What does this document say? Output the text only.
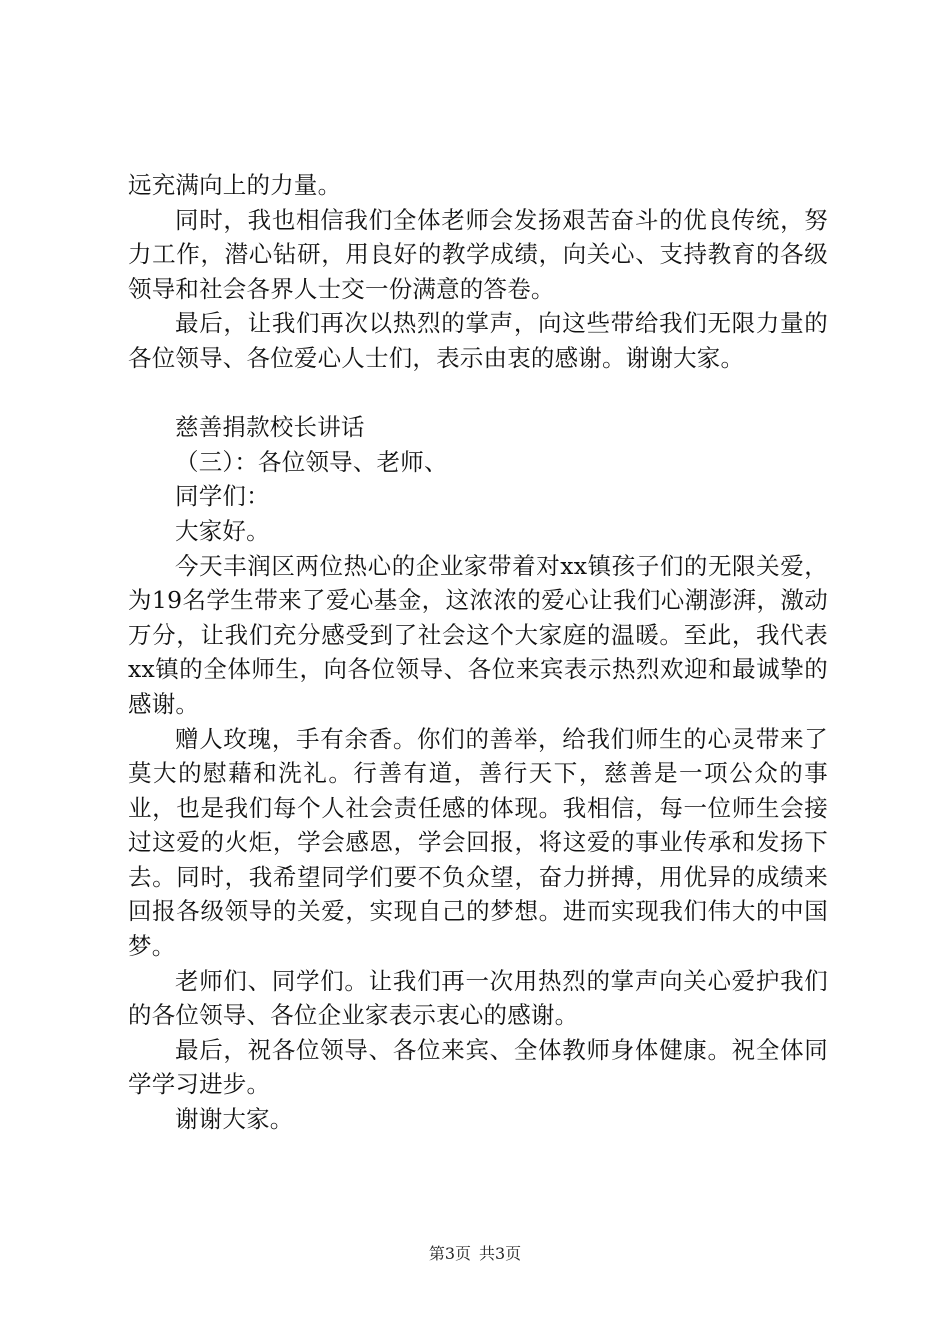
远充满向上的力量。

同时，我也相信我们全体老师会发扬艰苦奋斗的优良传统，努力工作，潜心钻研，用良好的教学成绩，向关心、支持教育的各级领导和社会各界人士交一份满意的答卷。

最后，让我们再次以热烈的掌声，向这些带给我们无限力量的各位领导、各位爱心人士们，表示由衷的感谢。谢谢大家。

慈善捐款校长讲话

（三）：各位领导、老师、

同学们：

大家好。

今天丰润区两位热心的企业家带着对xx镇孩子们的无限关爱，为19名学生带来了爱心基金，这浓浓的爱心让我们心潮澎湃，激动万分，让我们充分感受到了社会这个大家庭的温暖。至此，我代表xx镇的全体师生，向各位领导、各位来宾表示热烈欢迎和最诚挚的感谢。

赠人玫瑰，手有余香。你们的善举，给我们师生的心灵带来了莫大的慰藉和洗礼。行善有道，善行天下，慈善是一项公众的事业，也是我们每个人社会责任感的体现。我相信，每一位师生会接过这爱的火炬，学会感恩，学会回报，将这爱的事业传承和发扬下去。同时，我希望同学们要不负众望，奋力拼搏，用优异的成绩来回报各级领导的关爱，实现自己的梦想。进而实现我们伟大的中国梦。

老师们、同学们。让我们再一次用热烈的掌声向关心爱护我们的各位领导、各位企业家表示衷心的感谢。

最后，祝各位领导、各位来宾、全体教师身体健康。祝全体同学学习进步。

谢谢大家。

第3页 共3页
